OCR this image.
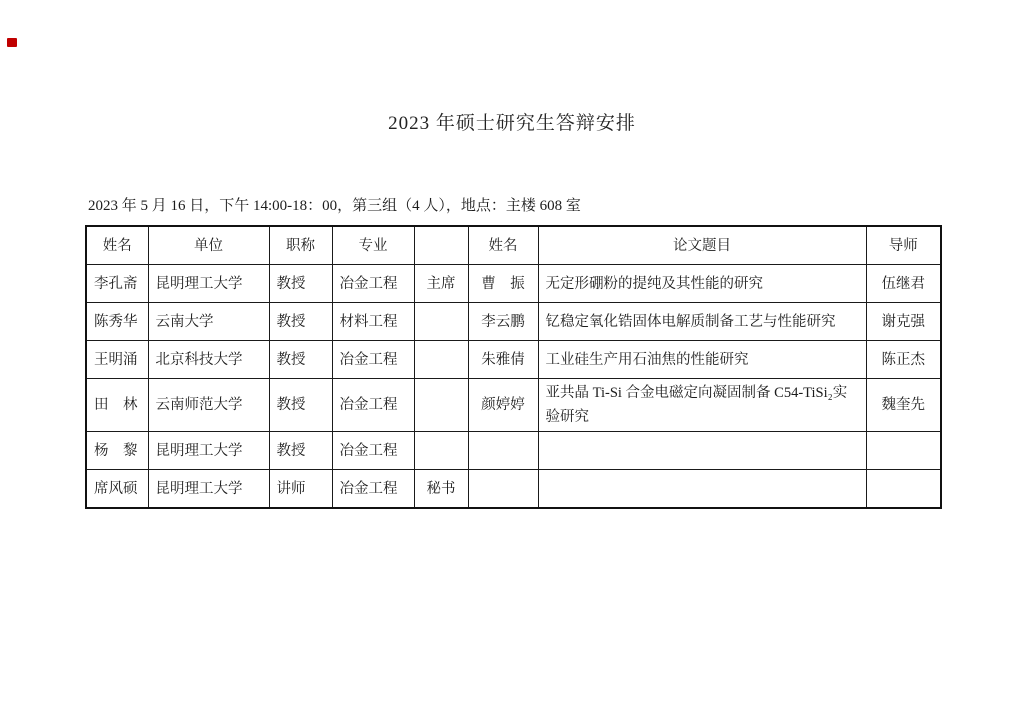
2023 年硕士研究生答辩安排
2023 年 5 月 16 日，下午 14:00-18：00，第三组（4 人），地点：主楼 608 室
姓名	单位	职称	专业		姓名	论文题目	导师
李孔斋	昆明理工大学	教授	冶金工程	主席	曹　振	无定形硼粉的提纯及其性能的研究	伍继君
陈秀华	云南大学	教授	材料工程		李云鹏	钇稳定氧化锆固体电解质制备工艺与性能研究	谢克强
王明涌	北京科技大学	教授	冶金工程		朱雅倩	工业硅生产用石油焦的性能研究	陈正杰
田　林	云南师范大学	教授	冶金工程		颜婷婷	亚共晶 Ti-Si 合金电磁定向凝固制备 C54-TiSi₂实验研究	魏奎先
杨　黎	昆明理工大学	教授	冶金工程				
席风硕	昆明理工大学	讲师	冶金工程	秘书			
